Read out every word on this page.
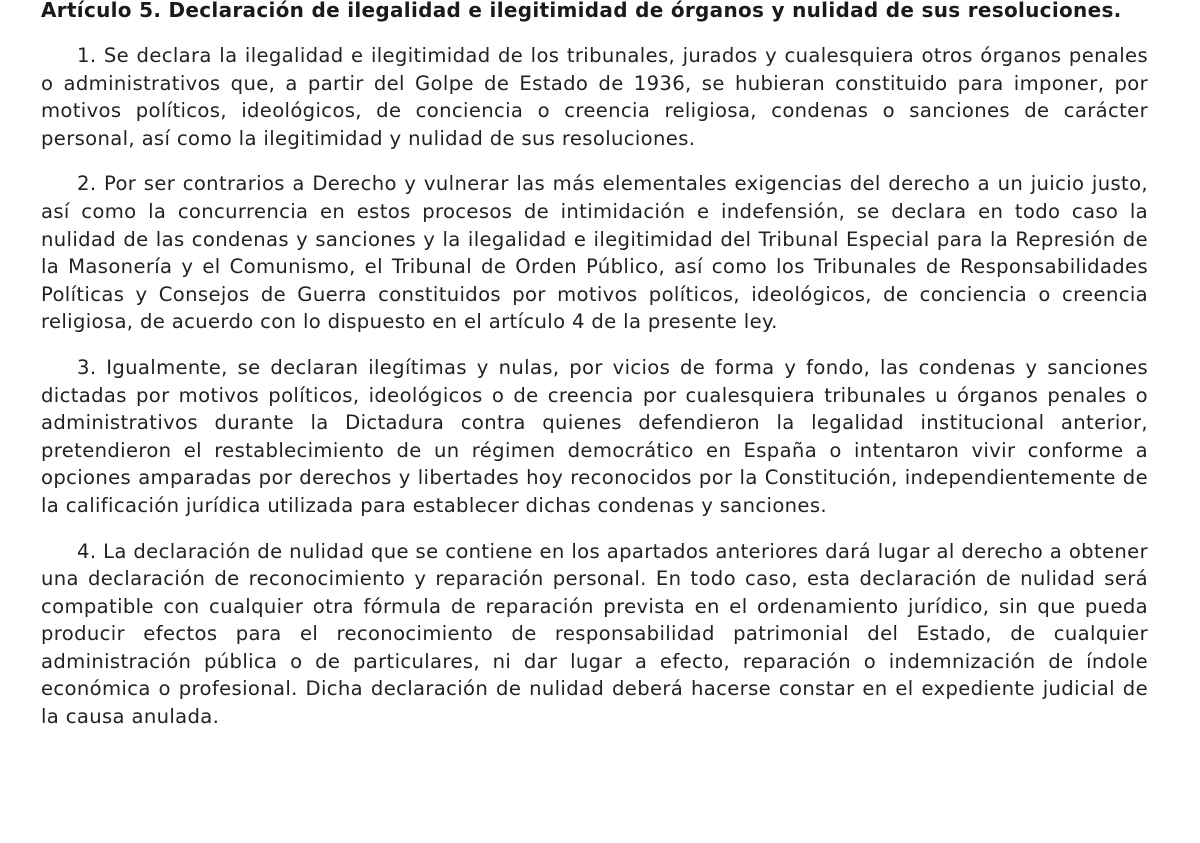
Artículo 5. Declaración de ilegalidad e ilegitimidad de órganos y nulidad de sus resoluciones.

1. Se declara la ilegalidad e ilegitimidad de los tribunales, jurados y cualesquiera otros órganos penales o administrativos que, a partir del Golpe de Estado de 1936, se hubieran constituido para imponer, por motivos políticos, ideológicos, de conciencia o creencia religiosa, condenas o sanciones de carácter personal, así como la ilegitimidad y nulidad de sus resoluciones.

2. Por ser contrarios a Derecho y vulnerar las más elementales exigencias del derecho a un juicio justo, así como la concurrencia en estos procesos de intimidación e indefensión, se declara en todo caso la nulidad de las condenas y sanciones y la ilegalidad e ilegitimidad del Tribunal Especial para la Represión de la Masonería y el Comunismo, el Tribunal de Orden Público, así como los Tribunales de Responsabilidades Políticas y Consejos de Guerra constituidos por motivos políticos, ideológicos, de conciencia o creencia religiosa, de acuerdo con lo dispuesto en el artículo 4 de la presente ley.

3. Igualmente, se declaran ilegítimas y nulas, por vicios de forma y fondo, las condenas y sanciones dictadas por motivos políticos, ideológicos o de creencia por cualesquiera tribunales u órganos penales o administrativos durante la Dictadura contra quienes defendieron la legalidad institucional anterior, pretendieron el restablecimiento de un régimen democrático en España o intentaron vivir conforme a opciones amparadas por derechos y libertades hoy reconocidos por la Constitución, independientemente de la calificación jurídica utilizada para establecer dichas condenas y sanciones.

4. La declaración de nulidad que se contiene en los apartados anteriores dará lugar al derecho a obtener una declaración de reconocimiento y reparación personal. En todo caso, esta declaración de nulidad será compatible con cualquier otra fórmula de reparación prevista en el ordenamiento jurídico, sin que pueda producir efectos para el reconocimiento de responsabilidad patrimonial del Estado, de cualquier administración pública o de particulares, ni dar lugar a efecto, reparación o indemnización de índole económica o profesional. Dicha declaración de nulidad deberá hacerse constar en el expediente judicial de la causa anulada.
